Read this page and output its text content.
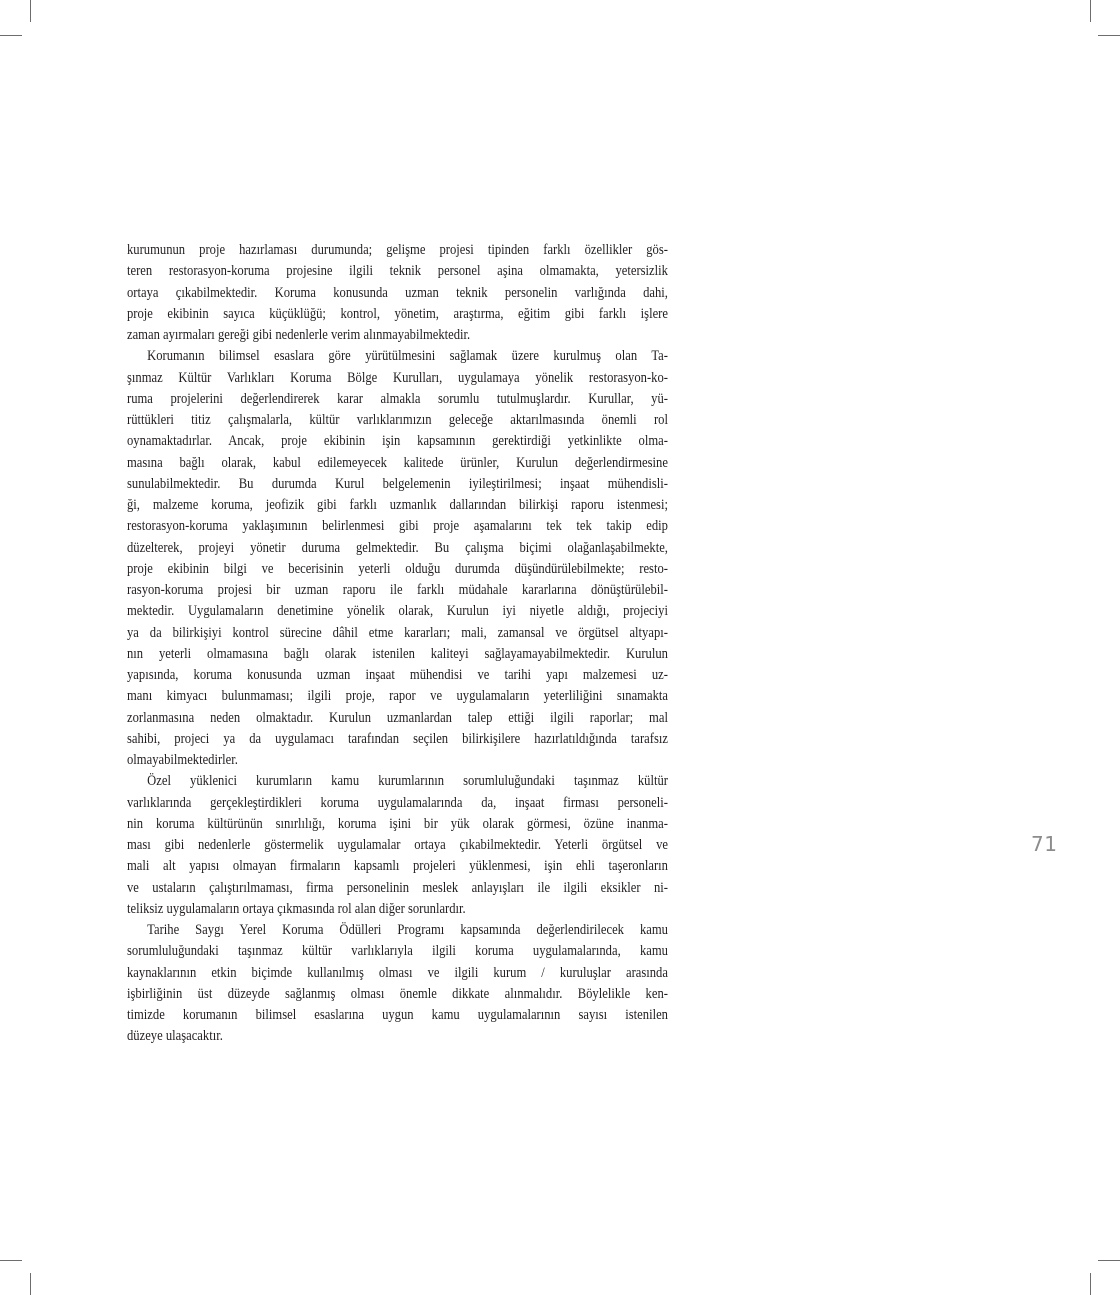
kurumunun proje hazırlaması durumunda; gelişme projesi tipinden farklı özellikler gös-
teren restorasyon-koruma projesine ilgili teknik personel aşina olmamakta, yetersizlik
ortaya çıkabilmektedir. Koruma konusunda uzman teknik personelin varlığında dahi,
proje ekibinin sayıca küçüklüğü; kontrol, yönetim, araştırma, eğitim gibi farklı işlere
zaman ayırmaları gereği gibi nedenlerle verim alınmayabilmektedir.
Korumanın bilimsel esaslara göre yürütülmesini sağlamak üzere kurulmuş olan Ta-
şınmaz Kültür Varlıkları Koruma Bölge Kurulları, uygulamaya yönelik restorasyon-ko-
ruma projelerini değerlendirerek karar almakla sorumlu tutulmuşlardır. Kurullar, yü-
rüttükleri titiz çalışmalarla, kültür varlıklarımızın geleceğe aktarılmasında önemli rol
oynamaktadırlar. Ancak, proje ekibinin işin kapsamının gerektirdiği yetkinlikte olma-
masına bağlı olarak, kabul edilemeyecek kalitede ürünler, Kurulun değerlendirmesine
sunulabilmektedir. Bu durumda Kurul belgelemenin iyileştirilmesi; inşaat mühendisli-
ği, malzeme koruma, jeofizik gibi farklı uzmanlık dallarından bilirkişi raporu istenmesi;
restorasyon-koruma yaklaşımının belirlenmesi gibi proje aşamalarını tek tek takip edip
düzelterek, projeyi yönetir duruma gelmektedir. Bu çalışma biçimi olağanlaşabilmekte,
proje ekibinin bilgi ve becerisinin yeterli olduğu durumda düşündürülebilmekte; resto-
rasyon-koruma projesi bir uzman raporu ile farklı müdahale kararlarına dönüştürülebil-
mektedir. Uygulamaların denetimine yönelik olarak, Kurulun iyi niyetle aldığı, projeciyi
ya da bilirkişiyi kontrol sürecine dâhil etme kararları; mali, zamansal ve örgütsel altyapı-
nın yeterli olmamasına bağlı olarak istenilen kaliteyi sağlayamayabilmektedir. Kurulun
yapısında, koruma konusunda uzman inşaat mühendisi ve tarihi yapı malzemesi uz-
manı kimyacı bulunmaması; ilgili proje, rapor ve uygulamaların yeterliliğini sınamakta
zorlanmasına neden olmaktadır. Kurulun uzmanlardan talep ettiği ilgili raporlar; mal
sahibi, projeci ya da uygulamacı tarafından seçilen bilirkişilere hazırlatıldığında tarafsız
olmayabilmektedirler.
Özel yüklenici kurumların kamu kurumlarının sorumluluğundaki taşınmaz kültür
varlıklarında gerçekleştirdikleri koruma uygulamalarında da, inşaat firması personeli-
nin koruma kültürünün sınırlılığı, koruma işini bir yük olarak görmesi, özüne inanma-
ması gibi nedenlerle göstermelik uygulamalar ortaya çıkabilmektedir. Yeterli örgütsel ve
mali alt yapısı olmayan firmaların kapsamlı projeleri yüklenmesi, işin ehli taşeronların
ve ustaların çalıştırılmaması, firma personelinin meslek anlayışları ile ilgili eksikler ni-
teliksiz uygulamaların ortaya çıkmasında rol alan diğer sorunlardır.
Tarihe Saygı Yerel Koruma Ödülleri Programı kapsamında değerlendirilecek kamu
sorumluluğundaki taşınmaz kültür varlıklarıyla ilgili koruma uygulamalarında, kamu
kaynaklarının etkin biçimde kullanılmış olması ve ilgili kurum / kuruluşlar arasında
işbirliğinin üst düzeyde sağlanmış olması önemle dikkate alınmalıdır. Böylelikle ken-
timizde korumanın bilimsel esaslarına uygun kamu uygulamalarının sayısı istenilen
düzeye ulaşacaktır.
71
